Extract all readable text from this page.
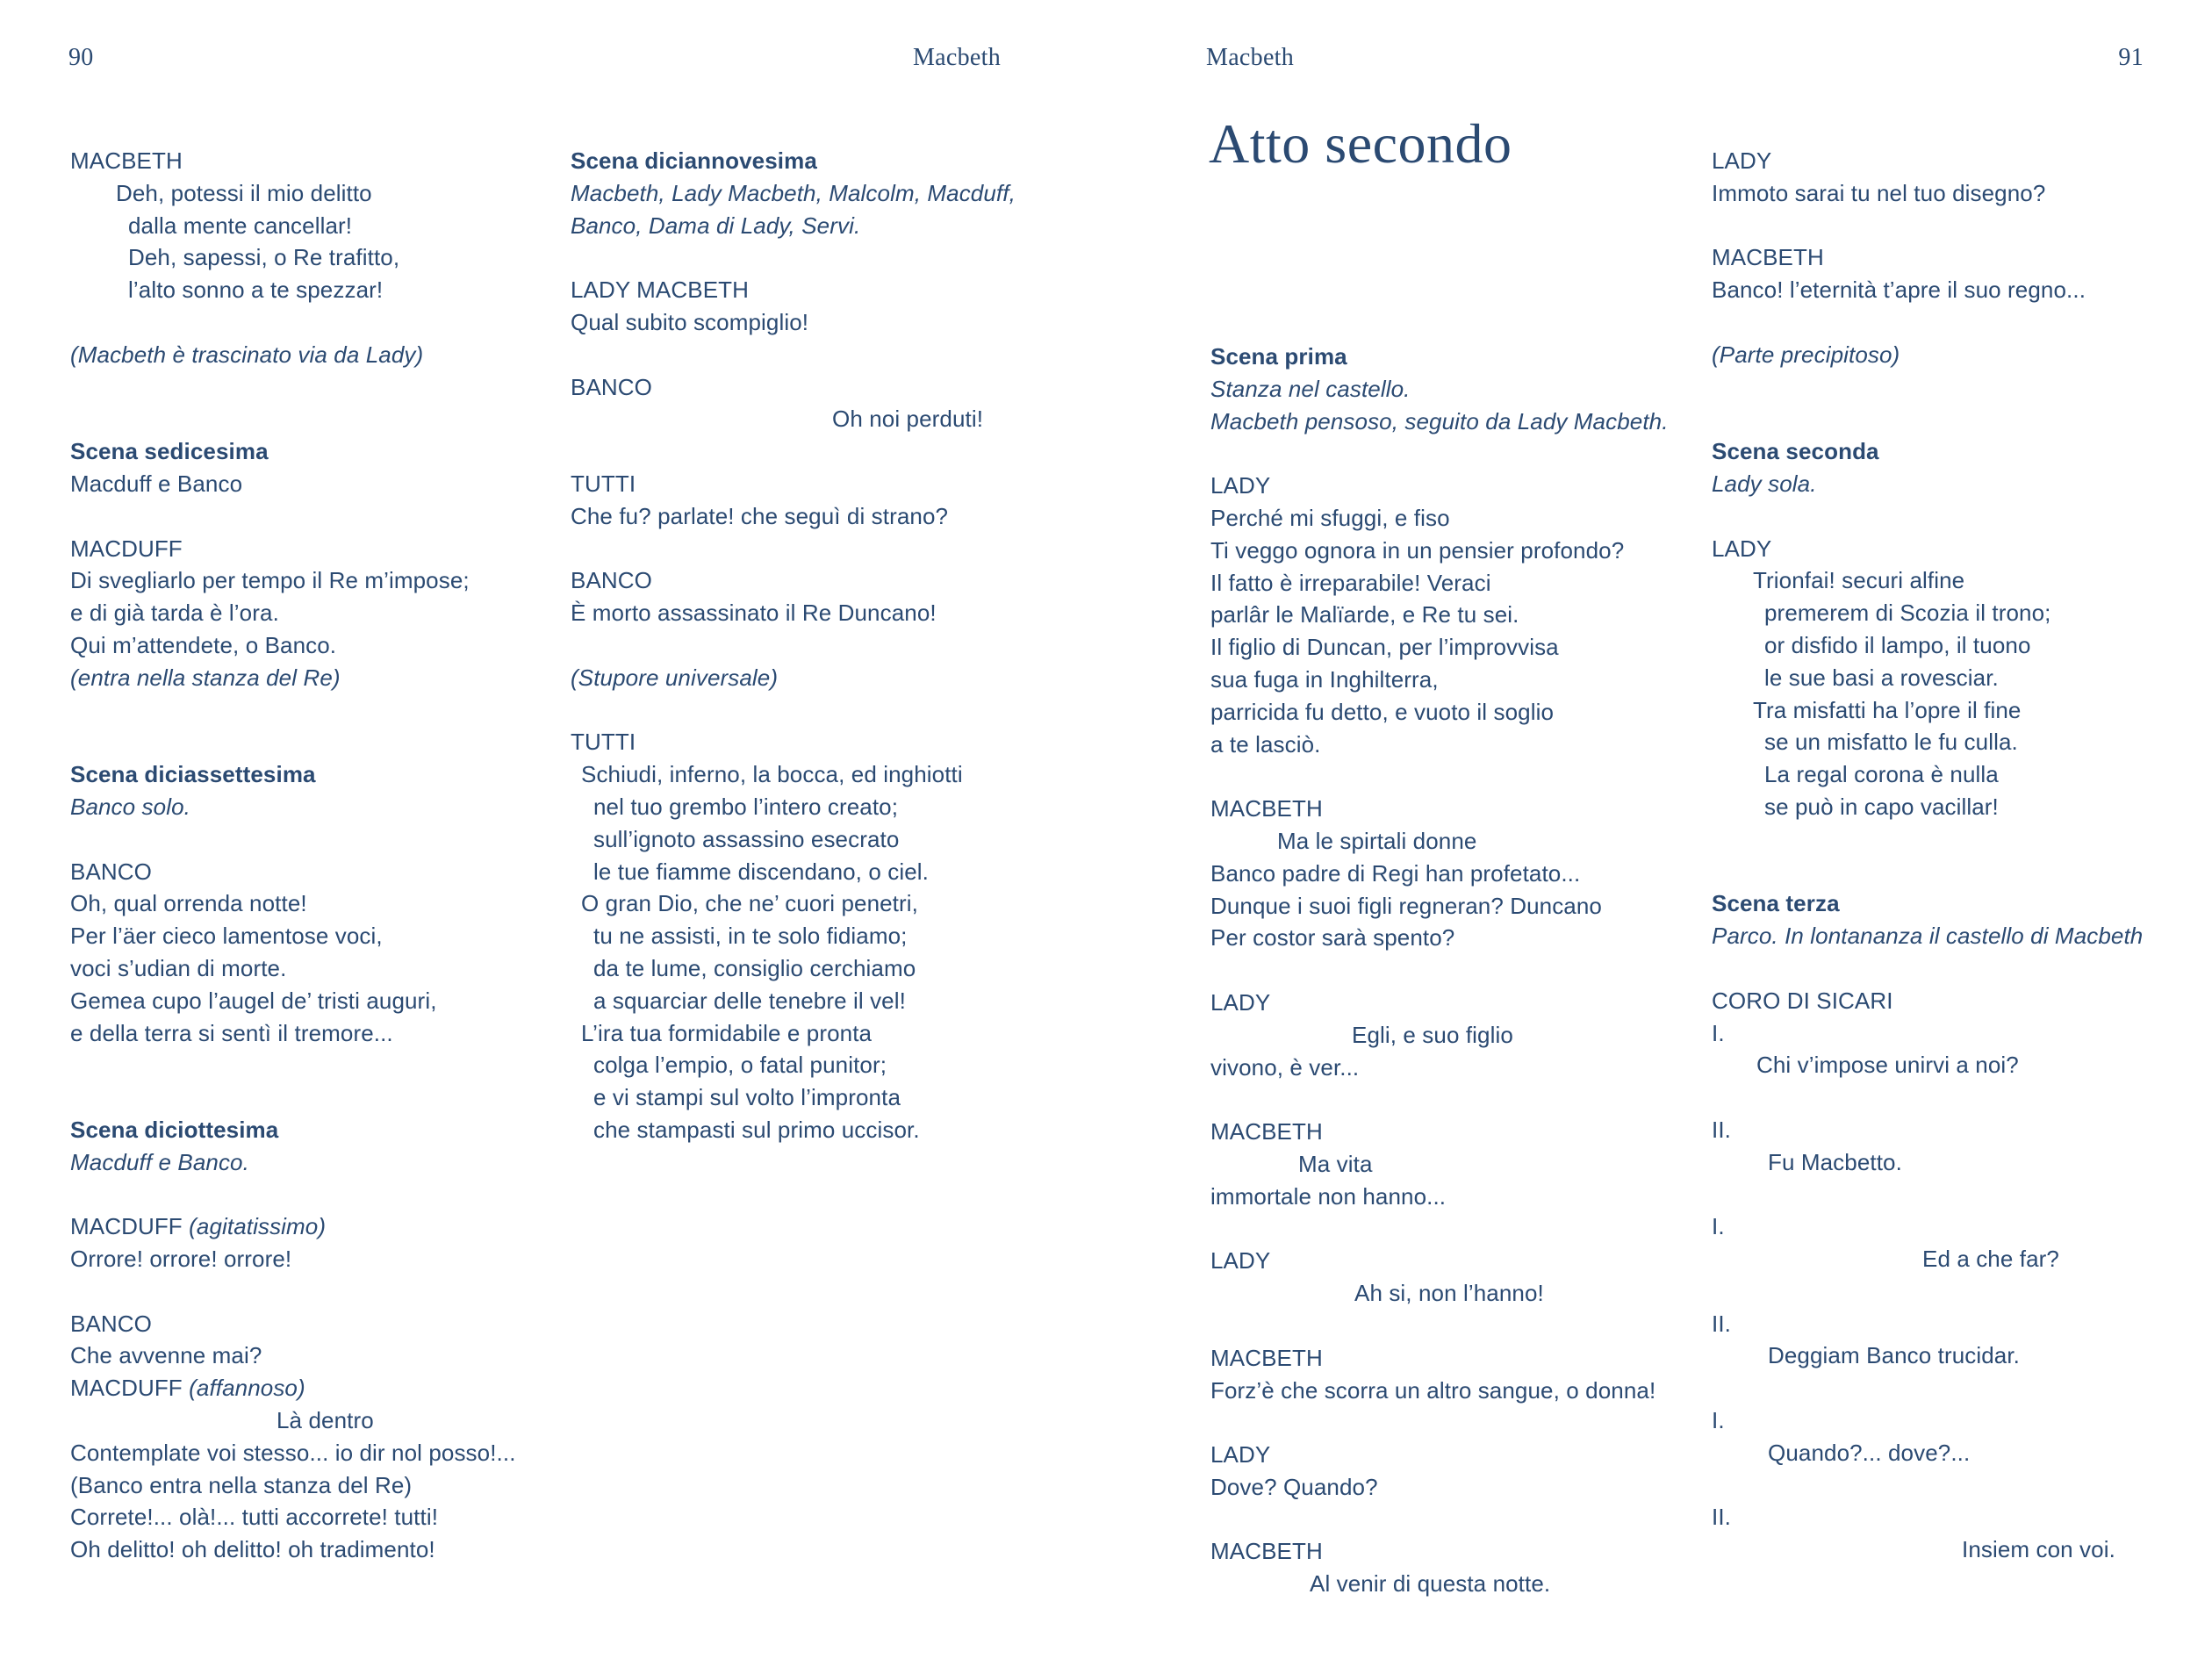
90	Macbeth	Macbeth	91
Atto secondo
MACBETH
Deh, potessi il mio delitto
dalla mente cancellar!
Deh, sapessi, o Re trafitto,
l’alto sonno a te spezzar!
(Macbeth è trascinato via da Lady)
Scena sedicesima
Macduff e Banco
MACDUFF
Di svegliarlo per tempo il Re m’impose;
e di già tarda è l’ora.
Qui m’attendete, o Banco.
(entra nella stanza del Re)
Scena diciassettesima
Banco solo.
BANCO
Oh, qual orrenda notte!
Per l’äer cieco lamentose voci,
voci s’udian di morte.
Gemea cupo l’augel de’ tristi auguri,
e della terra si sentì il tremore...
Scena diciottesima
Macduff e Banco.
MACDUFF (agitatissimo)
Orrore! orrore! orrore!
BANCO
Che avvenne mai?
MACDUFF (affannoso)
Là dentro
Contemplate voi stesso... io dir nol posso!...
(Banco entra nella stanza del Re)
Correte!... olà!... tutti accorrete! tutti!
Oh delitto! oh delitto! oh tradimento!
Scena diciannovesima
Macbeth, Lady Macbeth, Malcolm, Macduff,
Banco, Dama di Lady, Servi.
LADY MACBETH
Qual subito scompiglio!
BANCO
Oh noi perduti!
TUTTI
Che fu? parlate! che seguì di strano?
BANCO
È morto assassinato il Re Duncano!
(Stupore universale)
TUTTI
Schiudi, inferno, la bocca, ed inghiotti
nel tuo grembo l’intero creato;
sull’ignoto assassino esecrato
le tue fiamme discendano, o ciel.
O gran Dio, che ne’ cuori penetri,
tu ne assisti, in te solo fidiamo;
da te lume, consiglio cerchiamo
a squarciar delle tenebre il vel!
L’ira tua formidabile e pronta
colga l’empio, o fatal punitor;
e vi stampi sul volto l’impronta
che stampasti sul primo uccisor.
Scena prima
Stanza nel castello.
Macbeth pensoso, seguito da Lady Macbeth.
LADY
Perché mi sfuggi, e fiso
Ti veggo ognora in un pensier profondo?
Il fatto è irreparabile! Veraci
parlâr le Malïarde, e Re tu sei.
Il figlio di Duncan, per l’improvvisa
sua fuga in Inghilterra,
parricida fu detto, e vuoto il soglio
a te lasciò.
MACBETH
Ma le spirtali donne
Banco padre di Regi han profetato...
Dunque i suoi figli regneran? Duncano
Per costor sarà spento?
LADY
Egli, e suo figlio
vivono, è ver...
MACBETH
Ma vita
immortale non hanno...
LADY
Ah si, non l’hanno!
MACBETH
Forz’è che scorra un altro sangue, o donna!
LADY
Dove? Quando?
MACBETH
Al venir di questa notte.
LADY
Immoto sarai tu nel tuo disegno?
MACBETH
Banco! l’eternità t’apre il suo regno...
(Parte precipitoso)
Scena seconda
Lady sola.
LADY
Trionfai! securi alfine
premerem di Scozia il trono;
or disfido il lampo, il tuono
le sue basi a rovesciar.
Tra misfatti ha l’opre il fine
se un misfatto le fu culla.
La regal corona è nulla
se può in capo vacillar!
Scena terza
Parco. In lontananza il castello di Macbeth
CORO DI SICARI
I.
Chi v’impose unirvi a noi?
II.
Fu Macbetto.
I.
Ed a che far?
II.
Deggiam Banco trucidar.
I.
Quando?... dove?...
II.
Insiem con voi.
